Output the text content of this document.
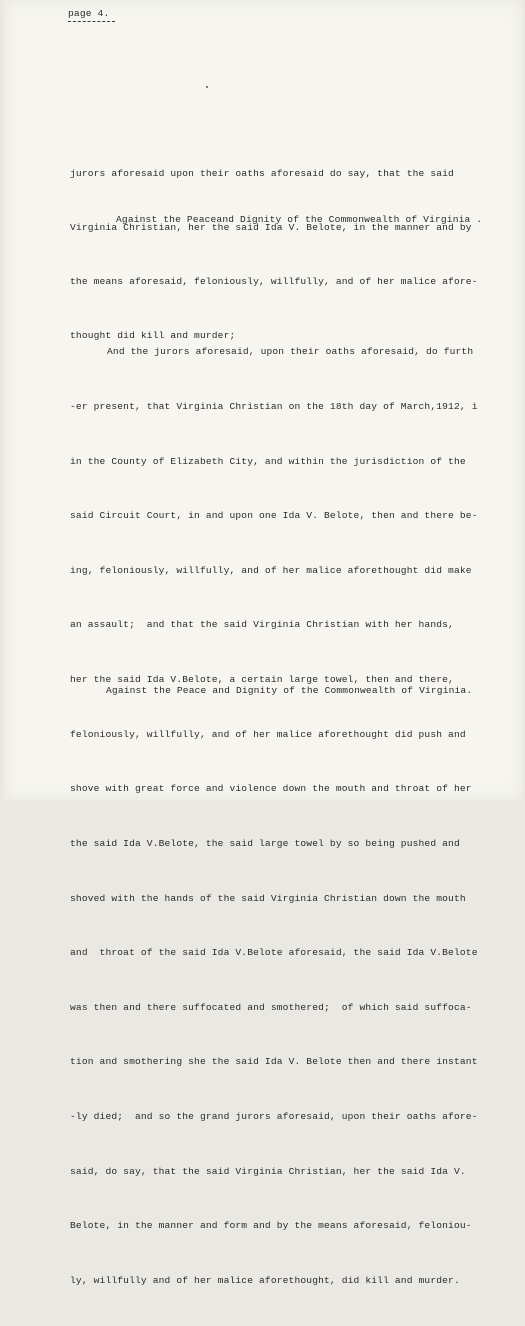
page 4.

jurors aforesaid upon their oaths aforesaid do say, that the said

Virginia Christian, her the said Ida V. Belote, in the manner and by

the means aforesaid, feloniously, willfully, and of her malice afore-

thought did kill and murder;

Against the Peaceand Dignity of the Commonwealth of Virginia .

And the jurors aforesaid, upon their oaths aforesaid, do furth

-er present, that Virginia Christian on the 18th day of March,1912, i

in the County of Elizabeth City, and within the jurisdiction of the

said Circuit Court, in and upon one Ida V. Belote, then and there be-

ing, feloniously, willfully, and of her malice aforethought did make

an assault;  and that the said Virginia Christian with her hands,

her the said Ida V.Belote, a certain large towel, then and there,

feloniously, willfully, and of her malice aforethought did push and

shove with great force and violence down the mouth and throat of her

the said Ida V.Belote, the said large towel by so being pushed and

shoved with the hands of the said Virginia Christian down the mouth

and  throat of the said Ida V.Belote aforesaid, the said Ida V.Belote

was then and there suffocated and smothered;  of which said suffoca-

tion and smothering she the said Ida V. Belote then and there instant

-ly died;  and so the grand jurors aforesaid, upon their oaths afore-

said, do say, that the said Virginia Christian, her the said Ida V.

Belote, in the manner and form and by the means aforesaid, feloniou-

ly, willfully and of her malice aforethought, did kill and murder.

Against the Peace and Dignity of the Commonwealth of Virginia.
